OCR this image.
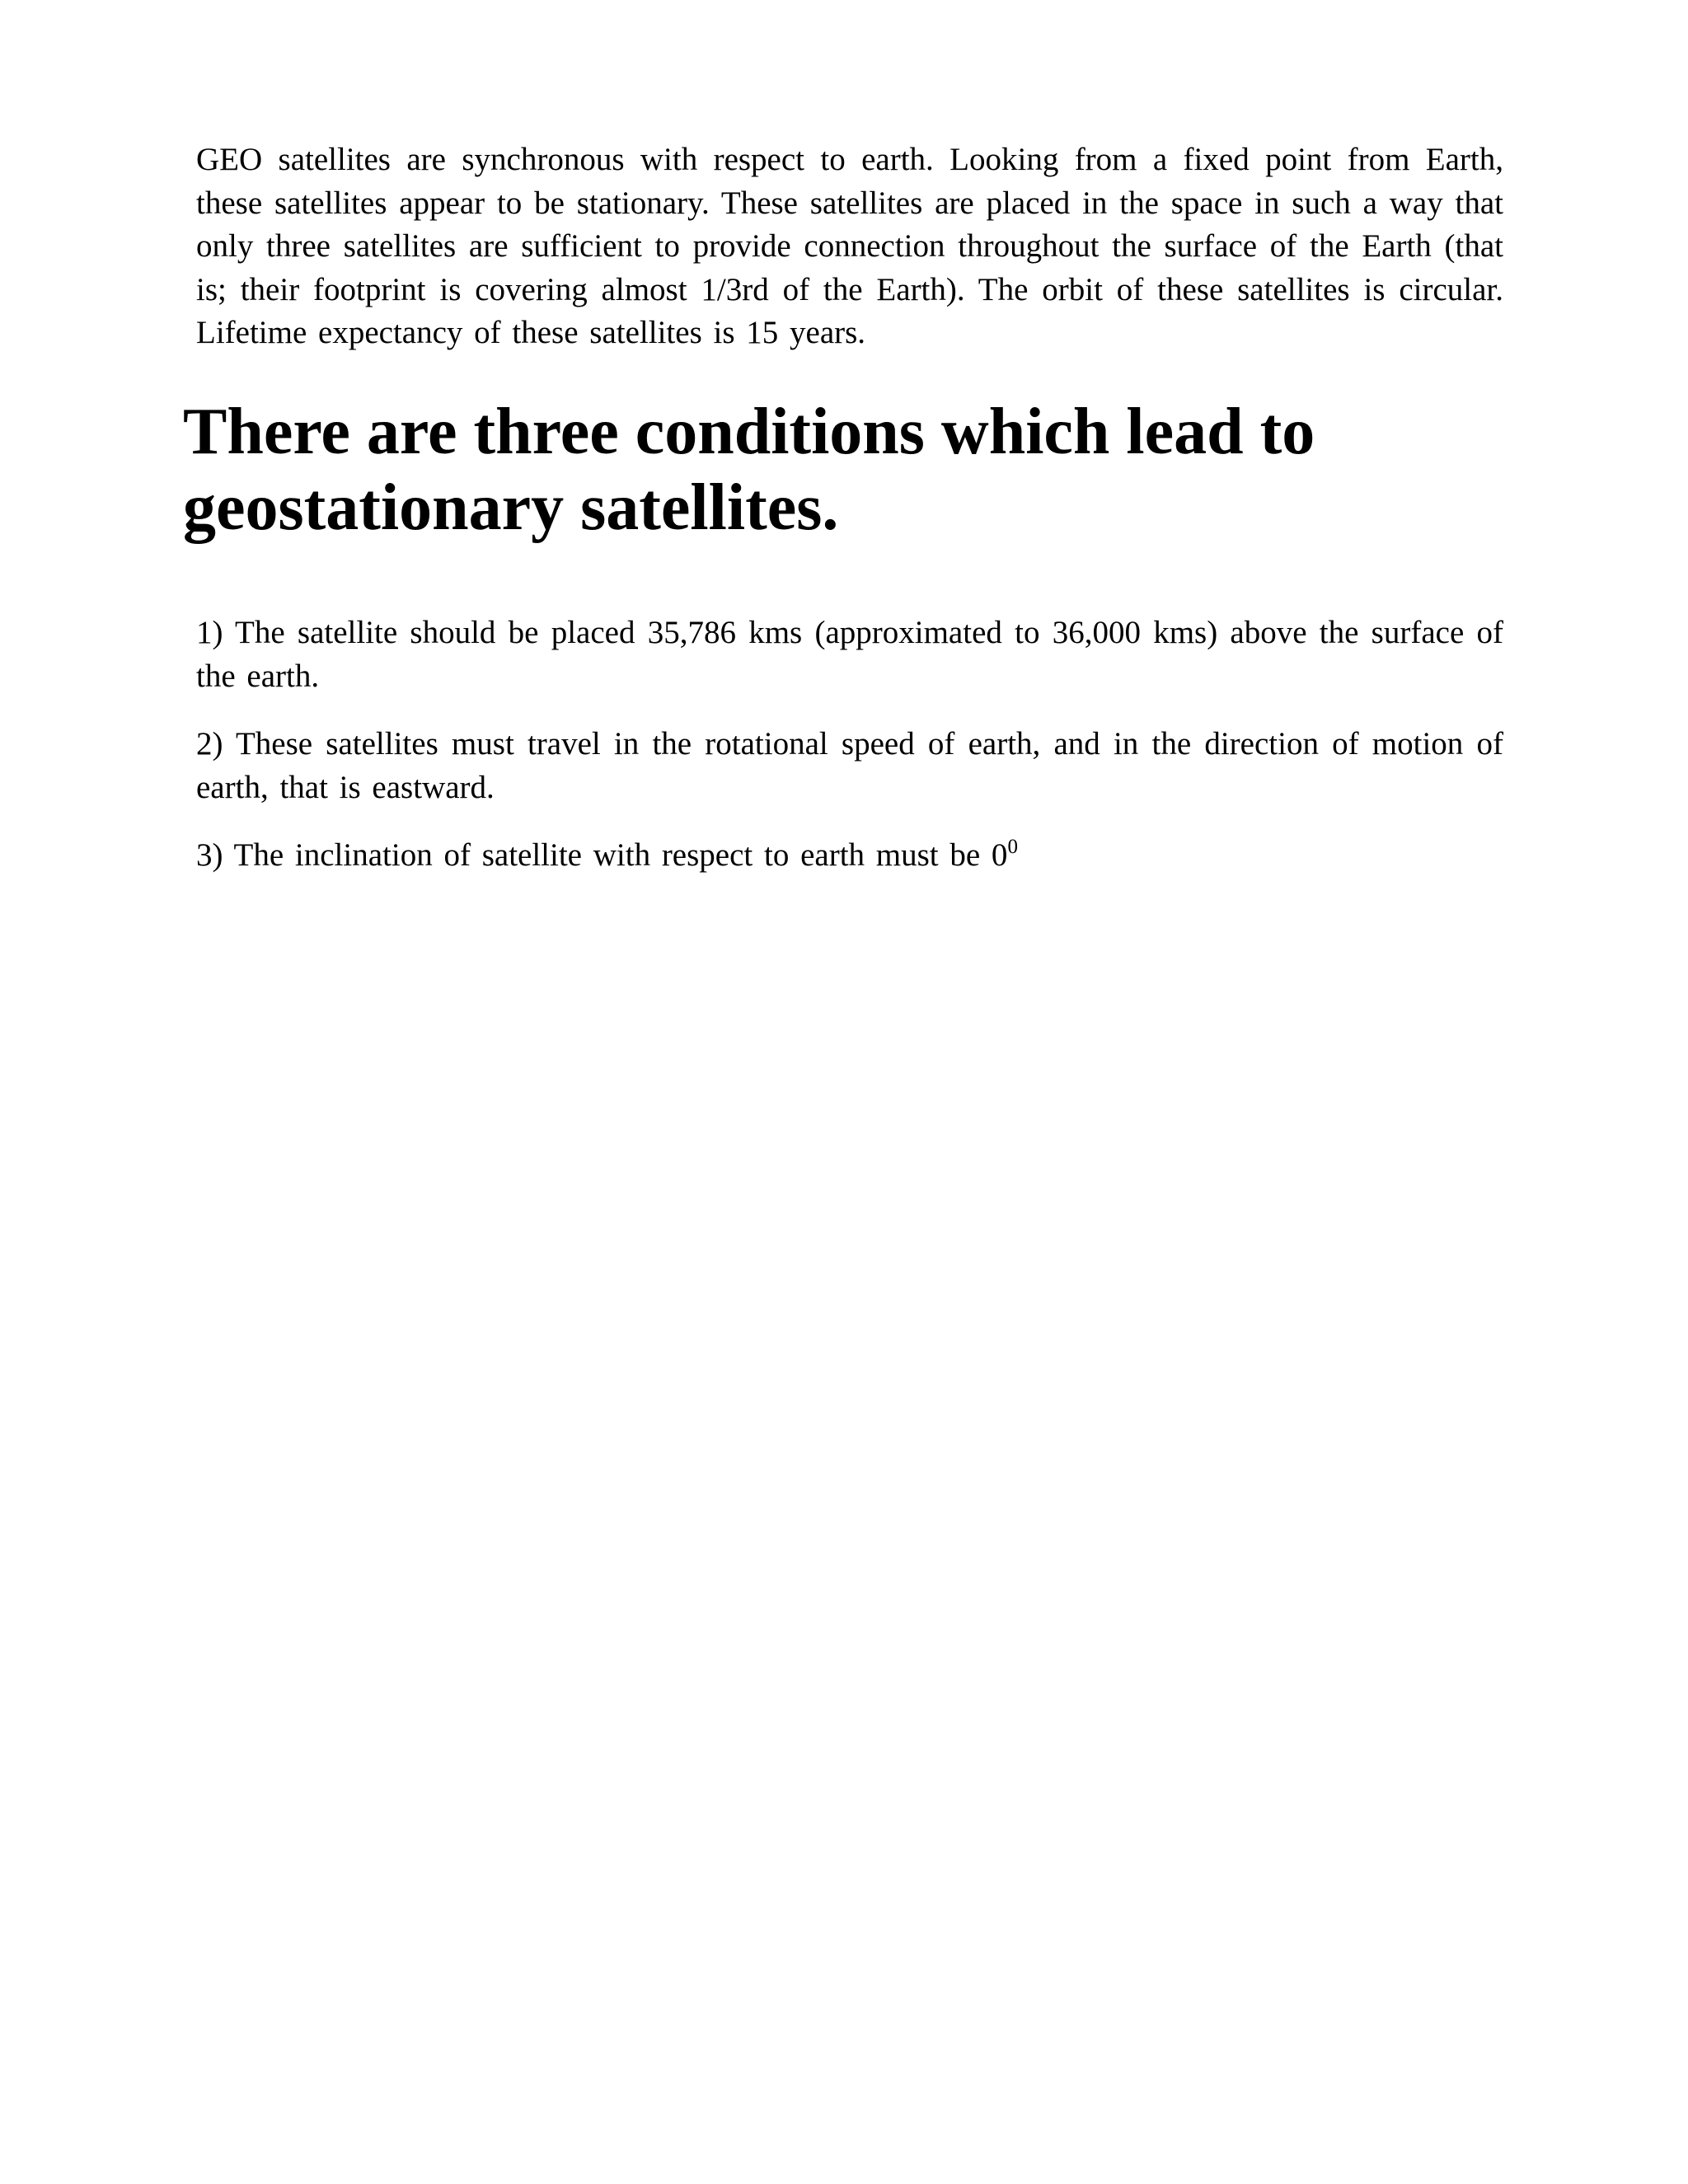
GEO satellites are synchronous with respect to earth. Looking from a fixed point from Earth, these satellites appear to be stationary. These satellites are placed in the space in such a way that only three satellites are sufficient to provide connection throughout the surface of the Earth (that is; their footprint is covering almost 1/3rd of the Earth). The orbit of these satellites is circular. Lifetime expectancy of these satellites is 15 years.

There are three conditions which lead to geostationary satellites.
1) The satellite should be placed 35,786 kms (approximated to 36,000 kms) above the surface of the earth.
2) These satellites must travel in the rotational speed of earth, and in the direction of motion of earth, that is eastward.
3) The inclination of satellite with respect to earth must be $0^0$
